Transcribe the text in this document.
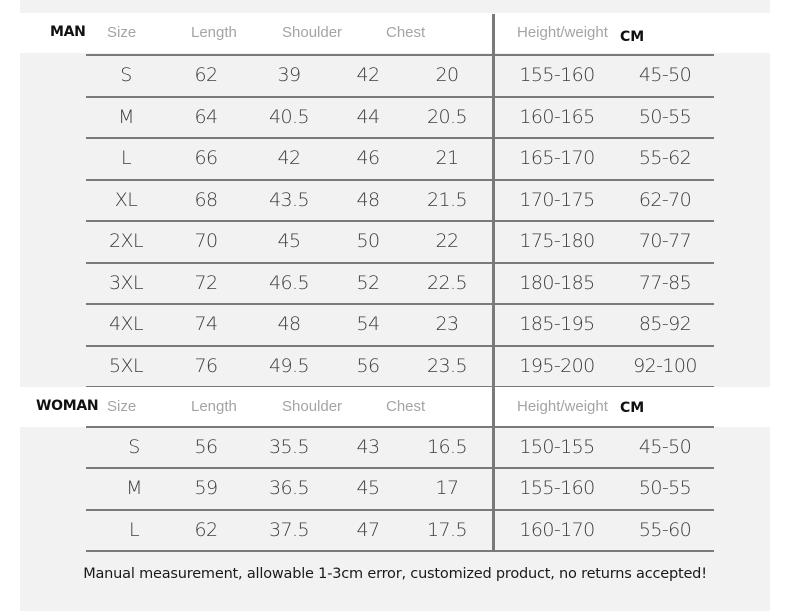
MAN Size	Length	Shoulder	Chest	Height/weight CM
S	62	39	42	20	155-160 45-50
M	64	40.5	44	20.5	160-165 50-55
L	66	42	46	21	165-170 55-62
XL	68	43.5	48	21.5	170-175 62-70
2XL	70	45	50	22	175-180 70-77
3XL	72	46.5	52	22.5	180-185 77-85
4XL	74	48	54	23	185-195 85-92
5XL	76	49.5	56	23.5	195-200 92-100
WOMAN Size	Length	Shoulder	Chest	Height/weight CM
S	56	35.5	43	16.5	150-155 45-50
M	59	36.5	45	17	155-160 50-55
L	62	37.5	47	17.5	160-170 55-60
Manual measurement, allowable 1-3cm error, customized product, no returns accepted!
